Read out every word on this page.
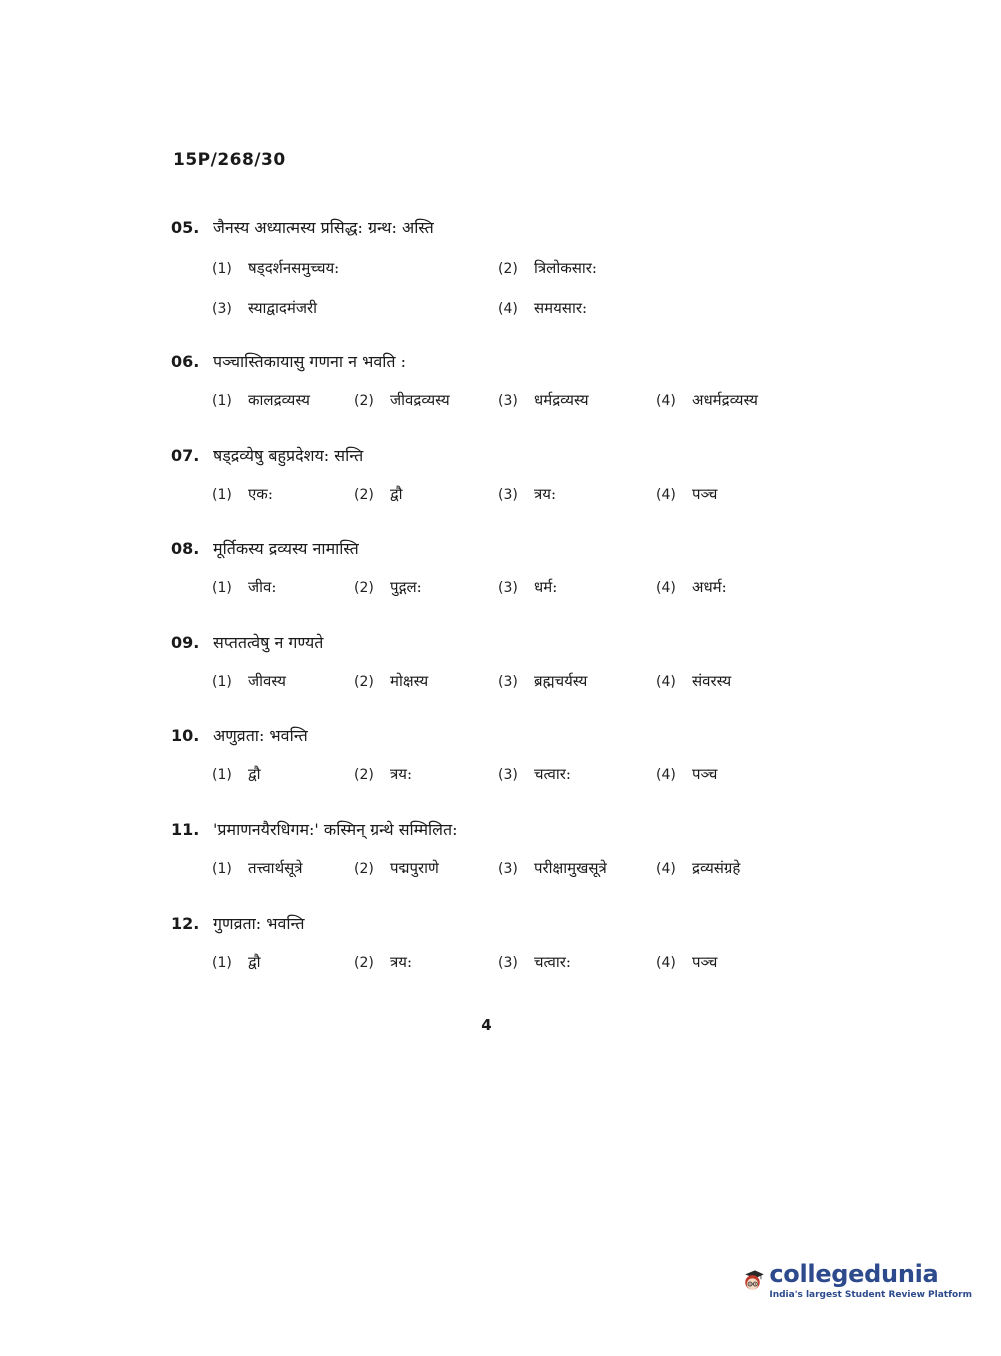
15P/268/30
05. जैनस्य अध्यात्मस्य प्रसिद्ध: ग्रन्थ: अस्ति
(1)	षड्दर्शनसमुच्चय:	(2)	त्रिलोकसार:
(3)	स्याद्वादमंजरी	(4)	समयसार:
06. पञ्चास्तिकायासु गणना न भवति :
(1)	कालद्रव्यस्य	(2)	जीवद्रव्यस्य	(3)	धर्मद्रव्यस्य	(4)	अधर्मद्रव्यस्य
07. षड्द्रव्येषु बहुप्रदेशय: सन्ति
(1)	एक:	(2)	द्वौ	(3)	त्रय:	(4)	पञ्च
08. मूर्तिकस्य द्रव्यस्य नामास्ति
(1)	जीव:	(2)	पुद्गल:	(3)	धर्म:	(4)	अधर्म:
09. सप्ततत्वेषु न गण्यते
(1)	जीवस्य	(2)	मोक्षस्य	(3)	ब्रह्मचर्यस्य	(4)	संवरस्य
10. अणुव्रता: भवन्ति
(1)	द्वौ	(2)	त्रय:	(3)	चत्वार:	(4)	पञ्च
11. 'प्रमाणनयैरधिगम:' कस्मिन् ग्रन्थे सम्मिलित:
(1)	तत्त्वार्थसूत्रे	(2)	पद्मपुराणे	(3)	परीक्षामुखसूत्रे	(4)	द्रव्यसंग्रहे
12. गुणव्रता: भवन्ति
(1)	द्वौ	(2)	त्रय:	(3)	चत्वार:	(4)	पञ्च
4
collegedunia
India's largest Student Review Platform
